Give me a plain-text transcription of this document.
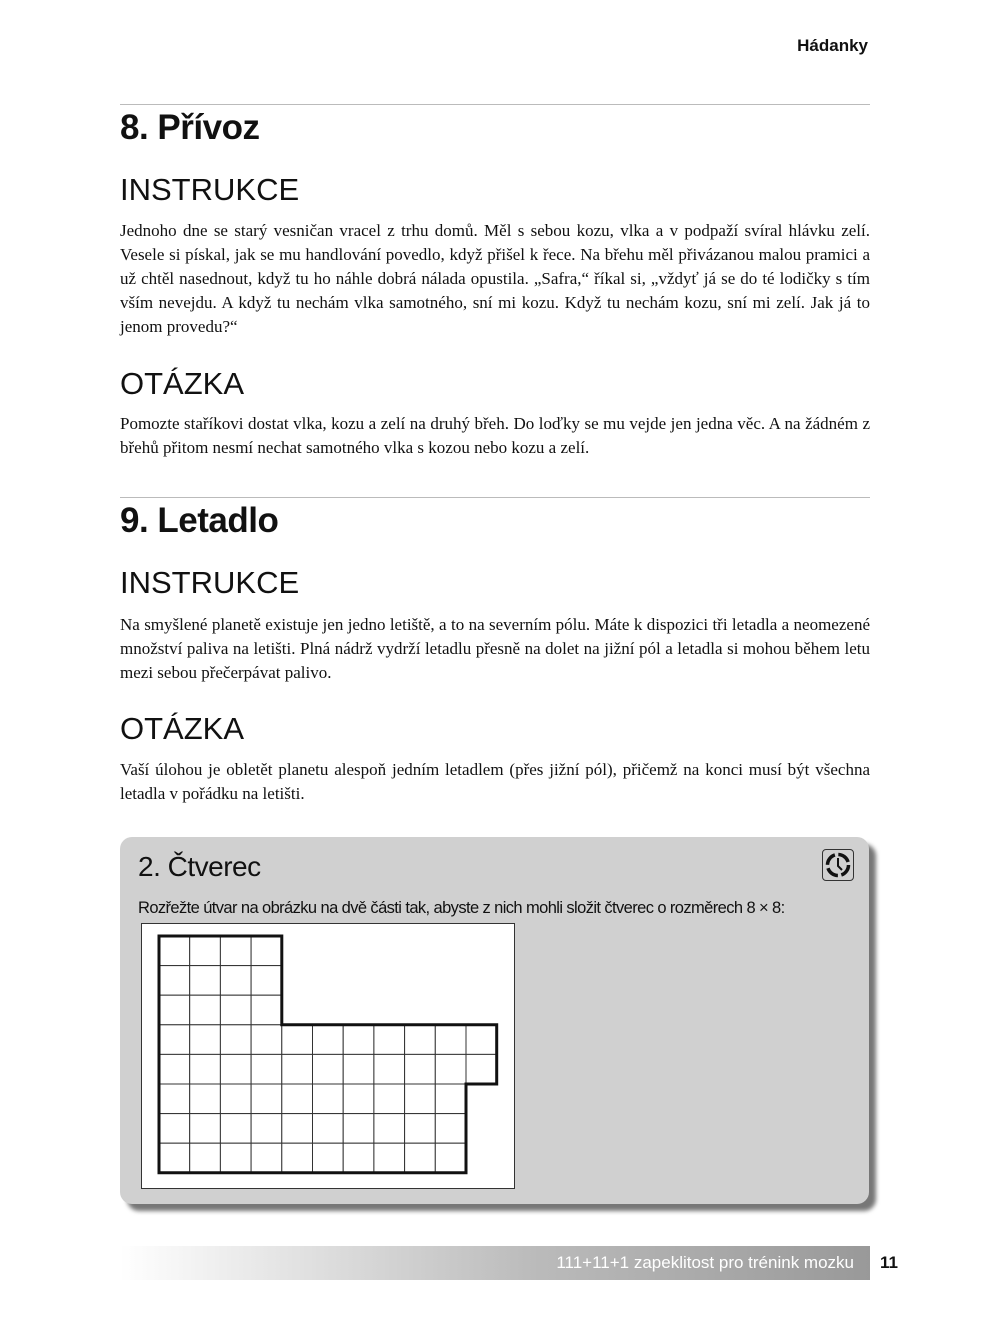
Hádanky
8. Přívoz
INSTRUKCE

Jednoho dne se starý vesničan vracel z trhu domů. Měl s sebou kozu, vlka a v podpaží svíral hlávku zelí. Vesele si pískal, jak se mu handlování povedlo, když přišel k řece. Na břehu měl přivázanou malou pramici a už chtěl nasednout, když tu ho náhle dobrá nálada opustila. „Safra,“ říkal si, „vždyť já se do té lodičky s tím vším nevejdu. A když tu nechám vlka samotného, sní mi kozu. Když tu nechám kozu, sní mi zelí. Jak já to jenom provedu?“

OTÁZKA

Pomozte staříkovi dostat vlka, kozu a zelí na druhý břeh. Do loďky se mu vejde jen jedna věc. A na žádném z břehů přitom nesmí nechat samotného vlka s kozou nebo kozu a zelí.

9. Letadlo
INSTRUKCE

Na smyšlené planetě existuje jen jedno letiště, a to na severním pólu. Máte k dispozici tři letadla a neomezené množství paliva na letišti. Plná nádrž vydrží letadlu přesně na dolet na jižní pól a letadla si mohou během letu mezi sebou přečerpávat palivo.

OTÁZKA

Vaší úlohou je obletět planetu alespoň jedním letadlem (přes jižní pól), přičemž na konci musí být všechna letadla v pořádku na letišti.

2. Čtverec
Rozřežte útvar na obrázku na dvě části tak, abyste z nich mohli složit čtverec o rozměrech 8 × 8:
111+11+1 zapeklitost pro trénink mozku 11
